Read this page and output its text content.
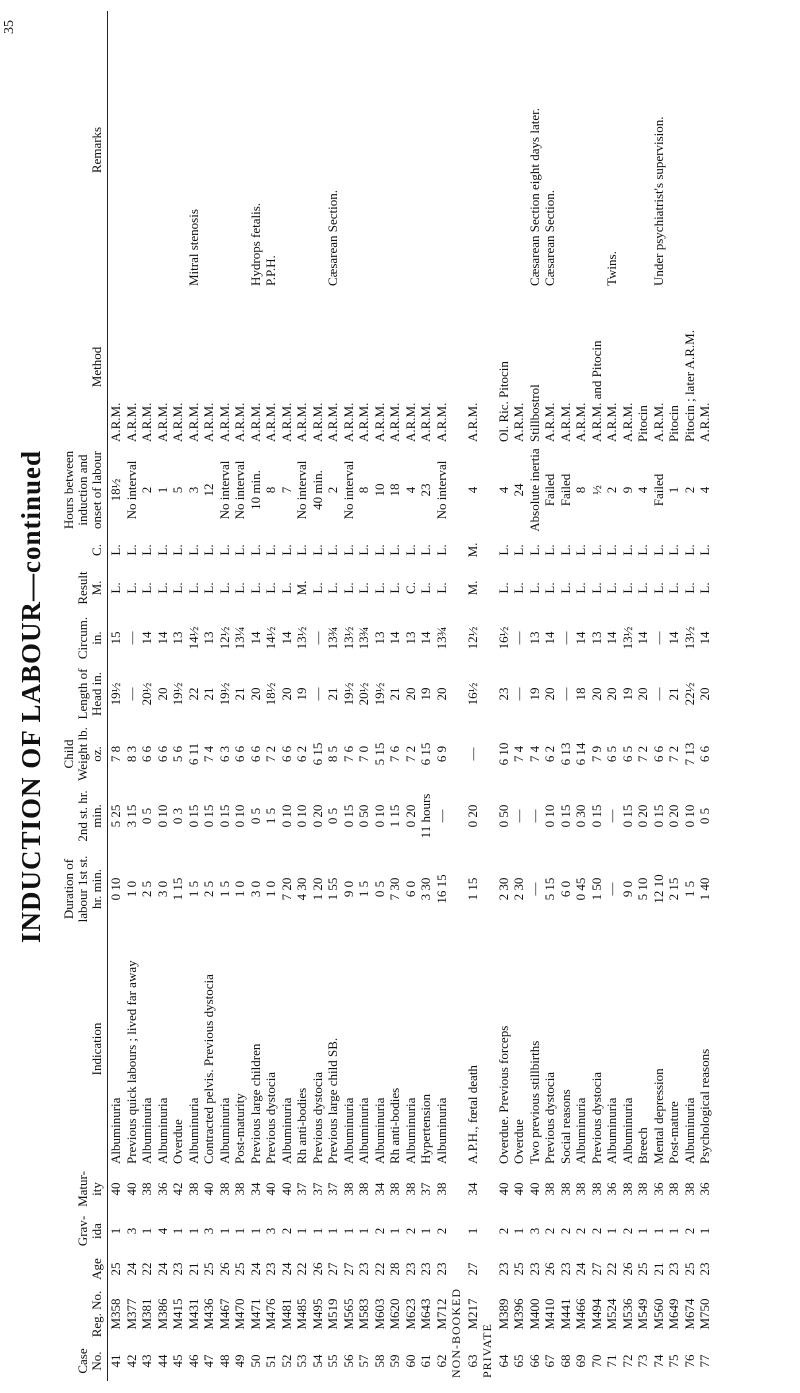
35
INDUCTION OF LABOUR—continued
Case No.	Reg. No.	Age	Grav-ida	Matur-ity	Indication	Duration of labour 1st st. hr. min.	2nd st. hr. min.	Child Weight lb. oz.	Length of Head in.	Circum. in.	Result M.	C.	Hours between induction and onset of labour	Method	Remarks
41	M358	25	1	40	Albuminuria	0 10	5 25	7 8	19½	15	L.	L.	18½	A.R.M.	
42	M377	24	3	40	Previous quick labours ; lived far away	1 0	3 15	8 3	—	—	L.	L.	No interval	A.R.M.	
43	M381	22	1	38	Albuminuria	2 5	0 5	6 6	20½	14	L.	L.	2	A.R.M.	
44	M386	24	4	36	Albuminuria	3 0	0 10	6 6	20	14	L.	L.	1	A.R.M.	
45	M415	23	1	42	Overdue	1 15	0 3	5 6	19½	13	L.	L.	5	A.R.M.	
46	M431	21	1	38	Albuminuria	1 5	0 15	6 11	22	14½	L.	L.	3	A.R.M.	Mitral stenosis
47	M436	25	3	40	Contracted pelvis. Previous dystocia	2 5	0 15	7 4	21	13	L.	L.	12	A.R.M.	
48	M467	26	1	38	Albuminuria	1 5	0 15	6 3	19½	12½	L.	L.	No interval	A.R.M.	
49	M470	25	1	38	Post-maturity	1 0	0 10	6 6	21	13¼	L.	L.	No interval	A.R.M.	
50	M471	24	1	34	Previous large children	3 0	0 5	6 6	20	14	L.	L.	10 min.	A.R.M.	Hydrops fetalis.
51	M476	23	3	40	Previous dystocia	1 0	1 5	7 2	18½	14½	L.	L.	8	A.R.M.	P.P.H.
52	M481	24	2	40	Albuminuria	7 20	0 10	6 6	20	14	L.	L.	7	A.R.M.	
53	M485	22	1	37	Rh anti-bodies	4 30	0 10	6 2	19	13½	M.	L.	No interval	A.R.M.	
54	M495	26	1	37	Previous dystocia	1 20	0 20	6 15	—	—	L.	L.	40 min.	A.R.M.	
55	M519	27	1	37	Previous large child SB.	1 55	0 5	8 5	21	13¾	L.	L.	2	A.R.M.	Cæsarean Section.
56	M565	27	1	38	Albuminuria	9 0	0 15	7 6	19½	13½	L.	L.	No interval	A.R.M.	
57	M583	23	1	38	Albuminuria	1 5	0 50	7 0	20½	13¾	L.	L.	8	A.R.M.	
58	M603	22	2	34	Albuminuria	0 5	0 10	5 15	19½	13	L.	L.	10	A.R.M.	
59	M620	28	1	38	Rh anti-bodies	7 30	1 15	7 6	21	14	L.	L.	18	A.R.M.	
60	M623	23	2	38	Albuminuria	6 0	0 20	7 2	20	13	C.	L.	4	A.R.M.	
61	M643	23	1	37	Hypertension	3 30	11 hours	6 15	19	14	L.	L.	23	A.R.M.	
62	M712	23	2	38	Albuminuria	16 15	—	6 9	20	13¾	L.	L.	No interval	A.R.M.	
NON-BOOKED															
63	M217	27	1	34	A.P.H., fœtal death	1 15	0 20	—	16½	12½	M.	M.	4	A.R.M.	
PRIVATE															
64	M389	23	2	40	Overdue. Previous forceps	2 30	0 50	6 10	23	16½	L.	L.	4	Ol. Ric. Pitocin	
65	M396	25	1	40	Overdue	2 30	—	7 4	—	—	L.	L.	24	A.R.M.	
66	M400	23	3	40	Two previous stillbirths	—	—	7 4	19	13	L.	L.	Absolute inertia	Stillbostrol	Cæsarean Section eight days later.
67	M410	26	2	38	Previous dystocia	5 15	0 10	6 2	20	14	L.	L.	Failed	A.R.M.	Cæsarean Section.
68	M441	23	2	38	Social reasons	6 0	0 15	6 13	—	—	L.	L.	Failed	A.R.M.	
69	M466	24	2	38	Albuminuria	0 45	0 30	6 14	18	14	L.	L.	8	A.R.M.	
70	M494	27	2	38	Previous dystocia	1 50	0 15	7 9	20	13	L.	L.	½	A.R.M. and Pitocin	
71	M524	22	1	36	Albuminuria	—	—	6 5	20	14	L.	L.	2	A.R.M.	Twins.
72	M536	26	2	38	Albuminuria	9 0	0 15	6 5	19	13½	L.	L.	9	A.R.M.	
73	M549	25	1	38	Breech	5 10	0 20	7 2	20	14	L.	L.	4	Pitocin	
74	M560	21	1	36	Mental depression	12 10	0 15	6 6	—	—	L.	L.	Failed	A.R.M.	Under psychiatrist's supervision.
75	M649	23	1	38	Post-mature	2 15	0 20	7 2	21	14	L.	L.	1	Pitocin	
76	M674	25	2	38	Albuminuria	1 5	0 10	7 13	22½	13½	L.	L.	2	Pitocin ; later A.R.M.	
77	M750	23	1	36	Psychological reasons	1 40	0 5	6 6	20	14	L.	L.	4	A.R.M.	
